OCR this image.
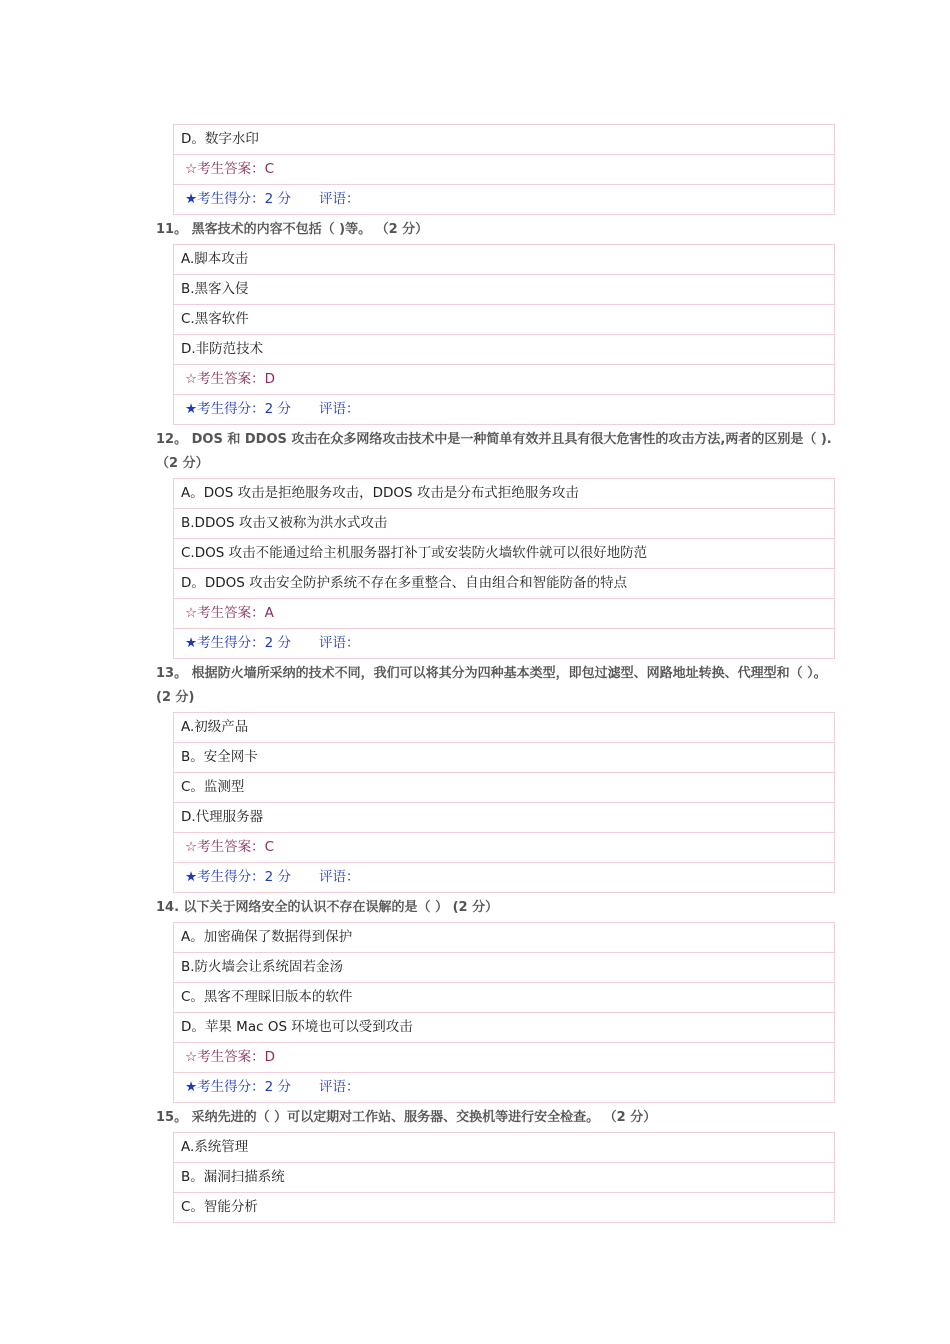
D。数字水印
☆考生答案：C
★考生得分：2 分 评语：
11。 黑客技术的内容不包括（ )等。 （2 分）
A.脚本攻击
B.黑客入侵
C.黑客软件
D.非防范技术
☆考生答案：D
★考生得分：2 分 评语：
12。 DOS 和 DDOS 攻击在众多网络攻击技术中是一种简单有效并且具有很大危害性的攻击方法,两者的区别是（ ).（2 分）
A。DOS 攻击是拒绝服务攻击，DDOS 攻击是分布式拒绝服务攻击
B.DDOS 攻击又被称为洪水式攻击
C.DOS 攻击不能通过给主机服务器打补丁或安装防火墙软件就可以很好地防范
D。DDOS 攻击安全防护系统不存在多重整合、自由组合和智能防备的特点
☆考生答案：A
★考生得分：2 分 评语：
13。 根据防火墙所采纳的技术不同，我们可以将其分为四种基本类型，即包过滤型、网路地址转换、代理型和（ ）。 (2 分)
A.初级产品
B。安全网卡
C。监测型
D.代理服务器
☆考生答案：C
★考生得分：2 分 评语：
14. 以下关于网络安全的认识不存在误解的是（ ） (2 分）
A。加密确保了数据得到保护
B.防火墙会让系统固若金汤
C。黑客不理睬旧版本的软件
D。苹果 Mac OS 环境也可以受到攻击
☆考生答案：D
★考生得分：2 分 评语：
15。 采纳先进的（ ）可以定期对工作站、服务器、交换机等进行安全检查。 （2 分）
A.系统管理
B。漏洞扫描系统
C。智能分析
